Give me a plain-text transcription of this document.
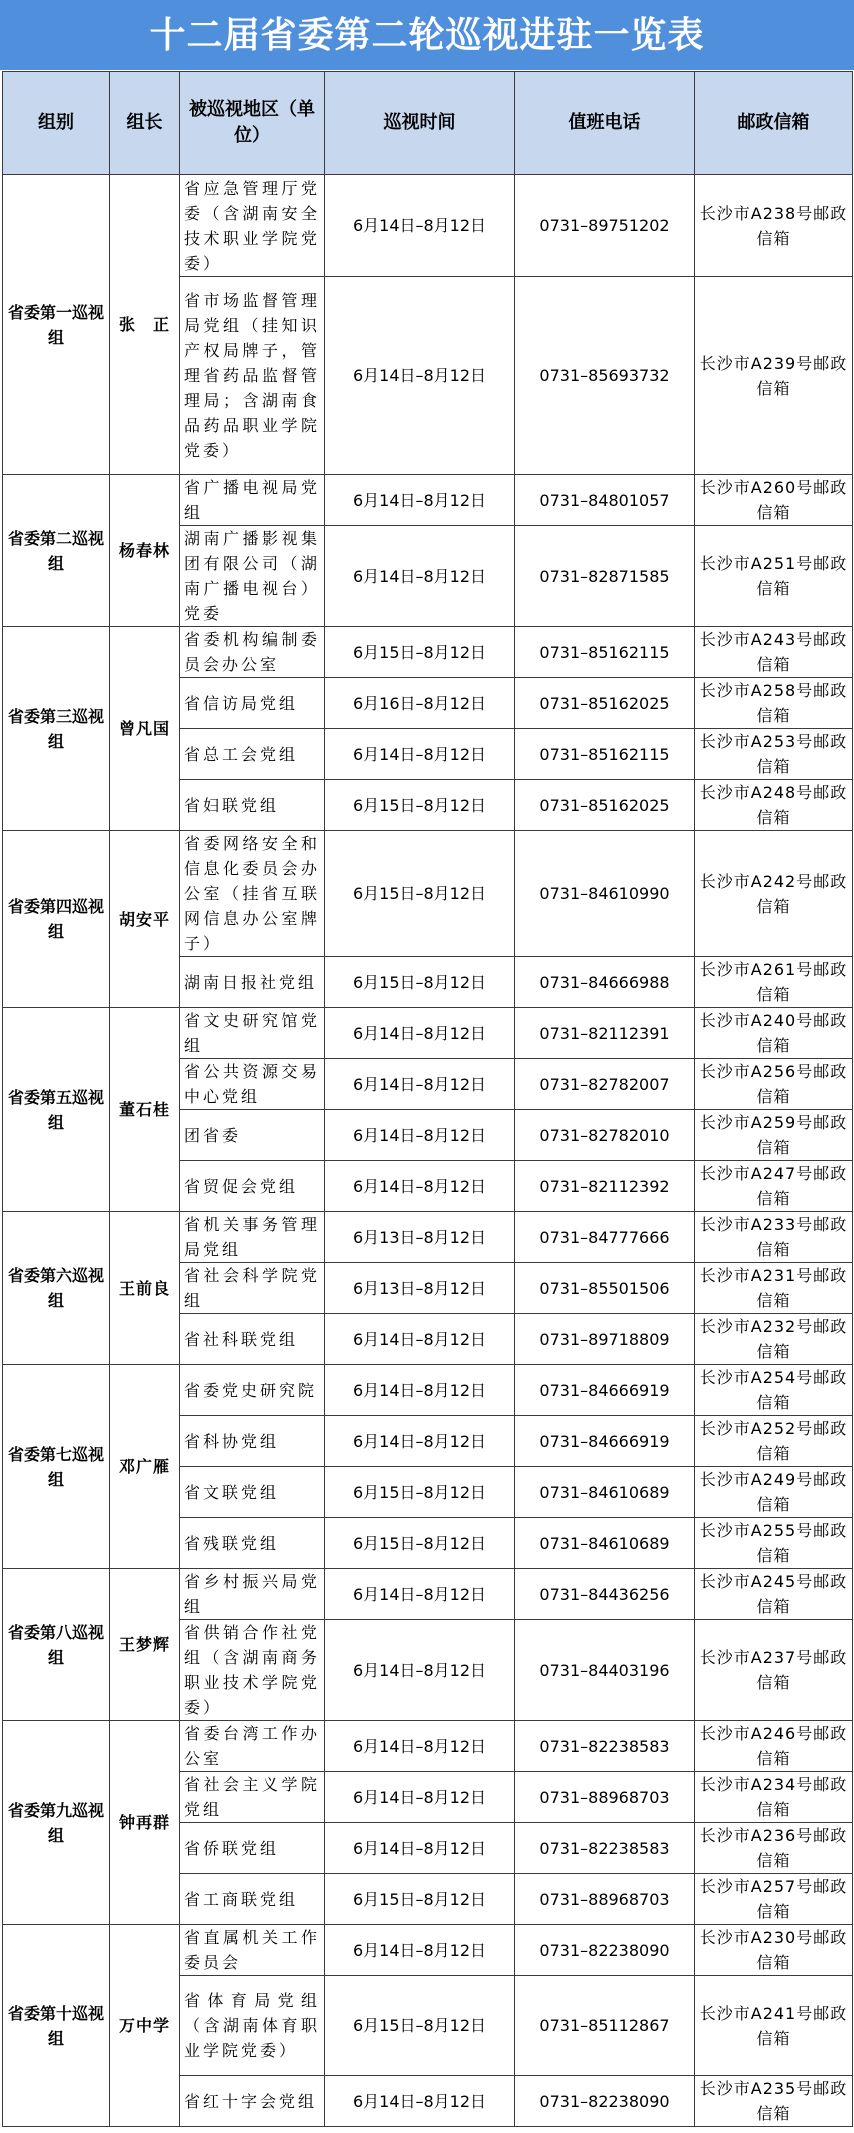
十二届省委第二轮巡视进驻一览表
组别	组长	被巡视地区（单位）	巡视时间	值班电话	邮政信箱
省委第一巡视组	张　正	省应急管理厅党委（含湖南安全技术职业学院党委）	6月14日–8月12日	0731–89751202	长沙市A238号邮政信箱
		省市场监督管理局党组（挂知识产权局牌子，管理省药品监督管理局；含湖南食品药品职业学院党委）	6月14日–8月12日	0731–85693732	长沙市A239号邮政信箱
省委第二巡视组	杨春林	省广播电视局党组	6月14日–8月12日	0731–84801057	长沙市A260号邮政信箱
		湖南广播影视集团有限公司（湖南广播电视台）党委	6月14日–8月12日	0731–82871585	长沙市A251号邮政信箱
省委第三巡视组	曾凡国	省委机构编制委员会办公室	6月15日–8月12日	0731–85162115	长沙市A243号邮政信箱
		省信访局党组	6月16日–8月12日	0731–85162025	长沙市A258号邮政信箱
		省总工会党组	6月14日–8月12日	0731–85162115	长沙市A253号邮政信箱
		省妇联党组	6月15日–8月12日	0731–85162025	长沙市A248号邮政信箱
省委第四巡视组	胡安平	省委网络安全和信息化委员会办公室（挂省互联网信息办公室牌子）	6月15日–8月12日	0731–84610990	长沙市A242号邮政信箱
		湖南日报社党组	6月15日–8月12日	0731–84666988	长沙市A261号邮政信箱
省委第五巡视组	董石桂	省文史研究馆党组	6月14日–8月12日	0731–82112391	长沙市A240号邮政信箱
		省公共资源交易中心党组	6月14日–8月12日	0731–82782007	长沙市A256号邮政信箱
		团省委	6月14日–8月12日	0731–82782010	长沙市A259号邮政信箱
		省贸促会党组	6月14日–8月12日	0731–82112392	长沙市A247号邮政信箱
省委第六巡视组	王前良	省机关事务管理局党组	6月13日–8月12日	0731–84777666	长沙市A233号邮政信箱
		省社会科学院党组	6月13日–8月12日	0731–85501506	长沙市A231号邮政信箱
		省社科联党组	6月14日–8月12日	0731–89718809	长沙市A232号邮政信箱
省委第七巡视组	邓广雁	省委党史研究院	6月14日–8月12日	0731–84666919	长沙市A254号邮政信箱
		省科协党组	6月14日–8月12日	0731–84666919	长沙市A252号邮政信箱
		省文联党组	6月15日–8月12日	0731–84610689	长沙市A249号邮政信箱
		省残联党组	6月15日–8月12日	0731–84610689	长沙市A255号邮政信箱
省委第八巡视组	王梦辉	省乡村振兴局党组	6月14日–8月12日	0731–84436256	长沙市A245号邮政信箱
		省供销合作社党组（含湖南商务职业技术学院党委）	6月14日–8月12日	0731–84403196	长沙市A237号邮政信箱
省委第九巡视组	钟再群	省委台湾工作办公室	6月14日–8月12日	0731–82238583	长沙市A246号邮政信箱
		省社会主义学院党组	6月14日–8月12日	0731–88968703	长沙市A234号邮政信箱
		省侨联党组	6月14日–8月12日	0731–82238583	长沙市A236号邮政信箱
		省工商联党组	6月15日–8月12日	0731–88968703	长沙市A257号邮政信箱
省委第十巡视组	万中学	省直属机关工作委员会	6月14日–8月12日	0731–82238090	长沙市A230号邮政信箱
		省体育局党组（含湖南体育职业学院党委）	6月15日–8月12日	0731–85112867	长沙市A241号邮政信箱
		省红十字会党组	6月14日–8月12日	0731–82238090	长沙市A235号邮政信箱
